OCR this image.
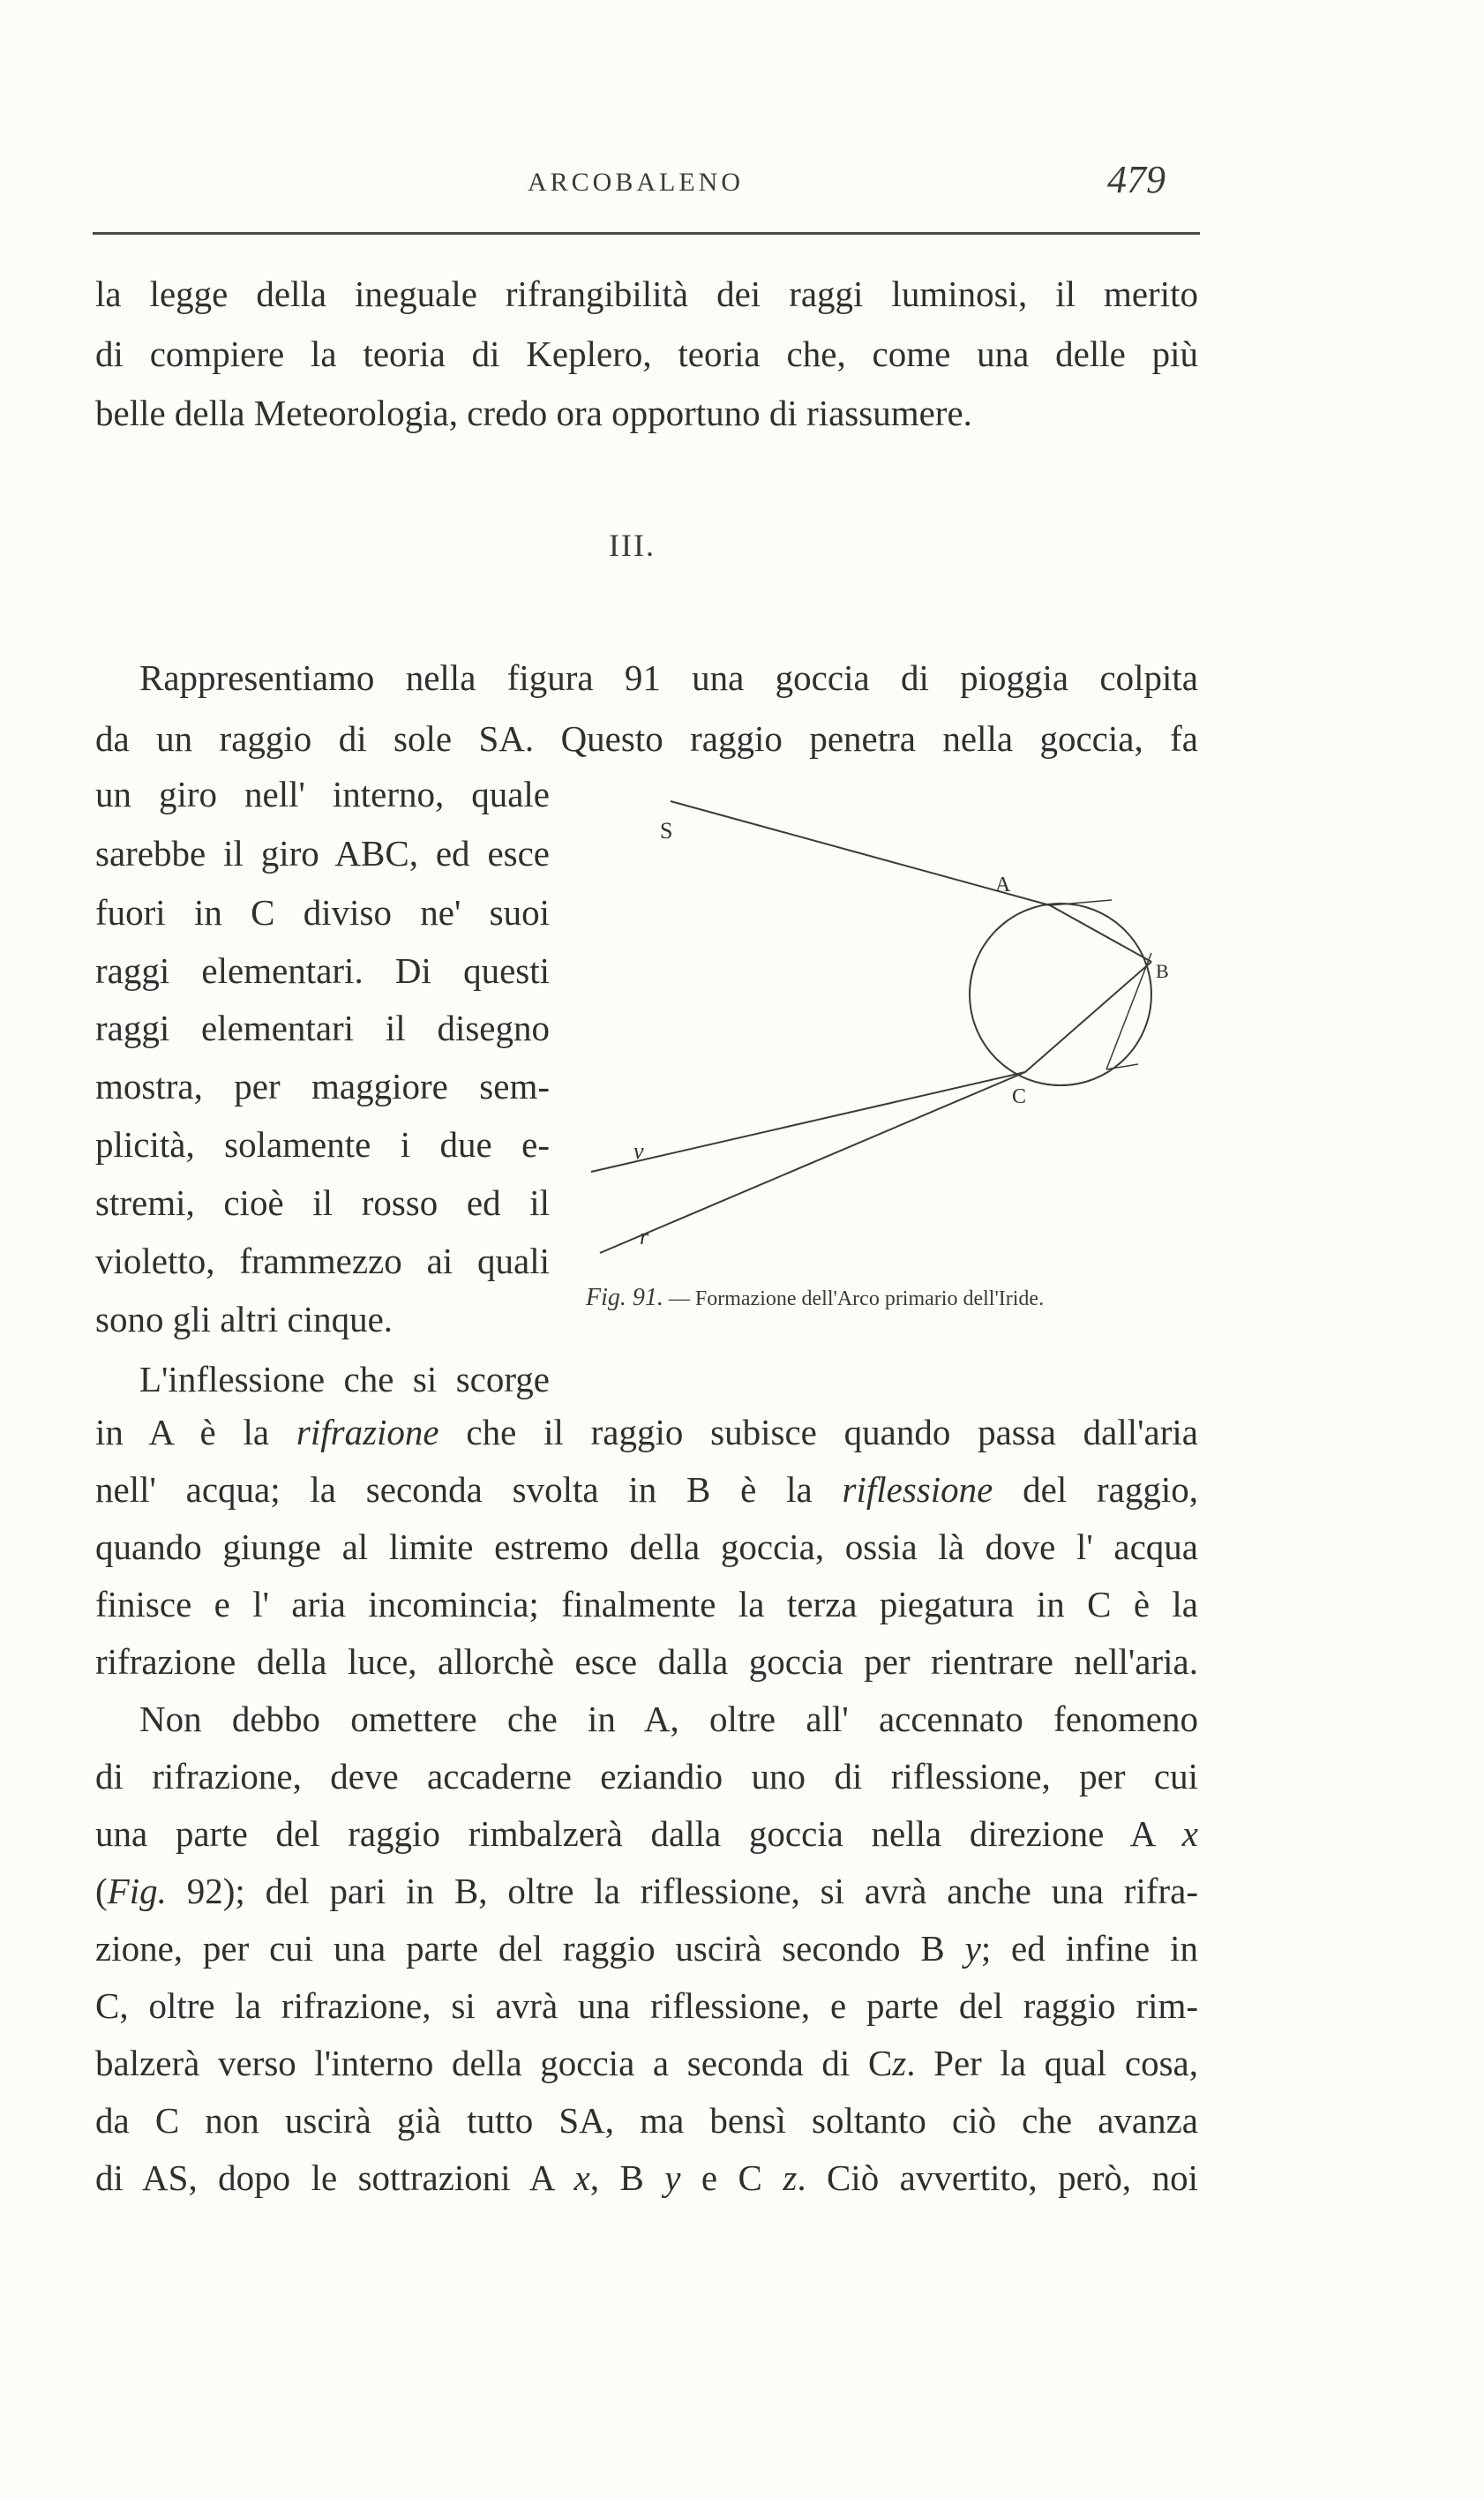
ARCOBALENO	479
la legge della ineguale rifrangibilità dei raggi luminosi, il merito
di compiere la teoria di Keplero, teoria che, come una delle più
belle della Meteorologia, credo ora opportuno di riassumere.
III.
Rappresentiamo nella figura 91 una goccia di pioggia colpita
da un raggio di sole SA. Questo raggio penetra nella goccia, fa
un giro nell' interno, quale
sarebbe il giro ABC, ed esce
fuori in C diviso ne' suoi
raggi elementari. Di questi
raggi elementari il disegno
mostra, per maggiore sem-
plicità, solamente i due e-
stremi, cioè il rosso ed il
violetto, frammezzo ai quali
sono gli altri cinque.
S
A
B
C
v
r
Fig. 91. — Formazione dell'Arco primario dell'Iride.
L'inflessione che si scorge
in A è la rifrazione che il raggio subisce quando passa dall'aria
nell' acqua; la seconda svolta in B è la riflessione del raggio,
quando giunge al limite estremo della goccia, ossia là dove l' acqua
finisce e l' aria incomincia; finalmente la terza piegatura in C è la
rifrazione della luce, allorchè esce dalla goccia per rientrare nell'aria.
Non debbo omettere che in A, oltre all' accennato fenomeno
di rifrazione, deve accaderne eziandio uno di riflessione, per cui
una parte del raggio rimbalzerà dalla goccia nella direzione A x
(Fig. 92); del pari in B, oltre la riflessione, si avrà anche una rifra-
zione, per cui una parte del raggio uscirà secondo B y; ed infine in
C, oltre la rifrazione, si avrà una riflessione, e parte del raggio rim-
balzerà verso l'interno della goccia a seconda di Cz. Per la qual cosa,
da C non uscirà già tutto SA, ma bensì soltanto ciò che avanza
di AS, dopo le sottrazioni A x, B y e C z. Ciò avvertito, però, noi
